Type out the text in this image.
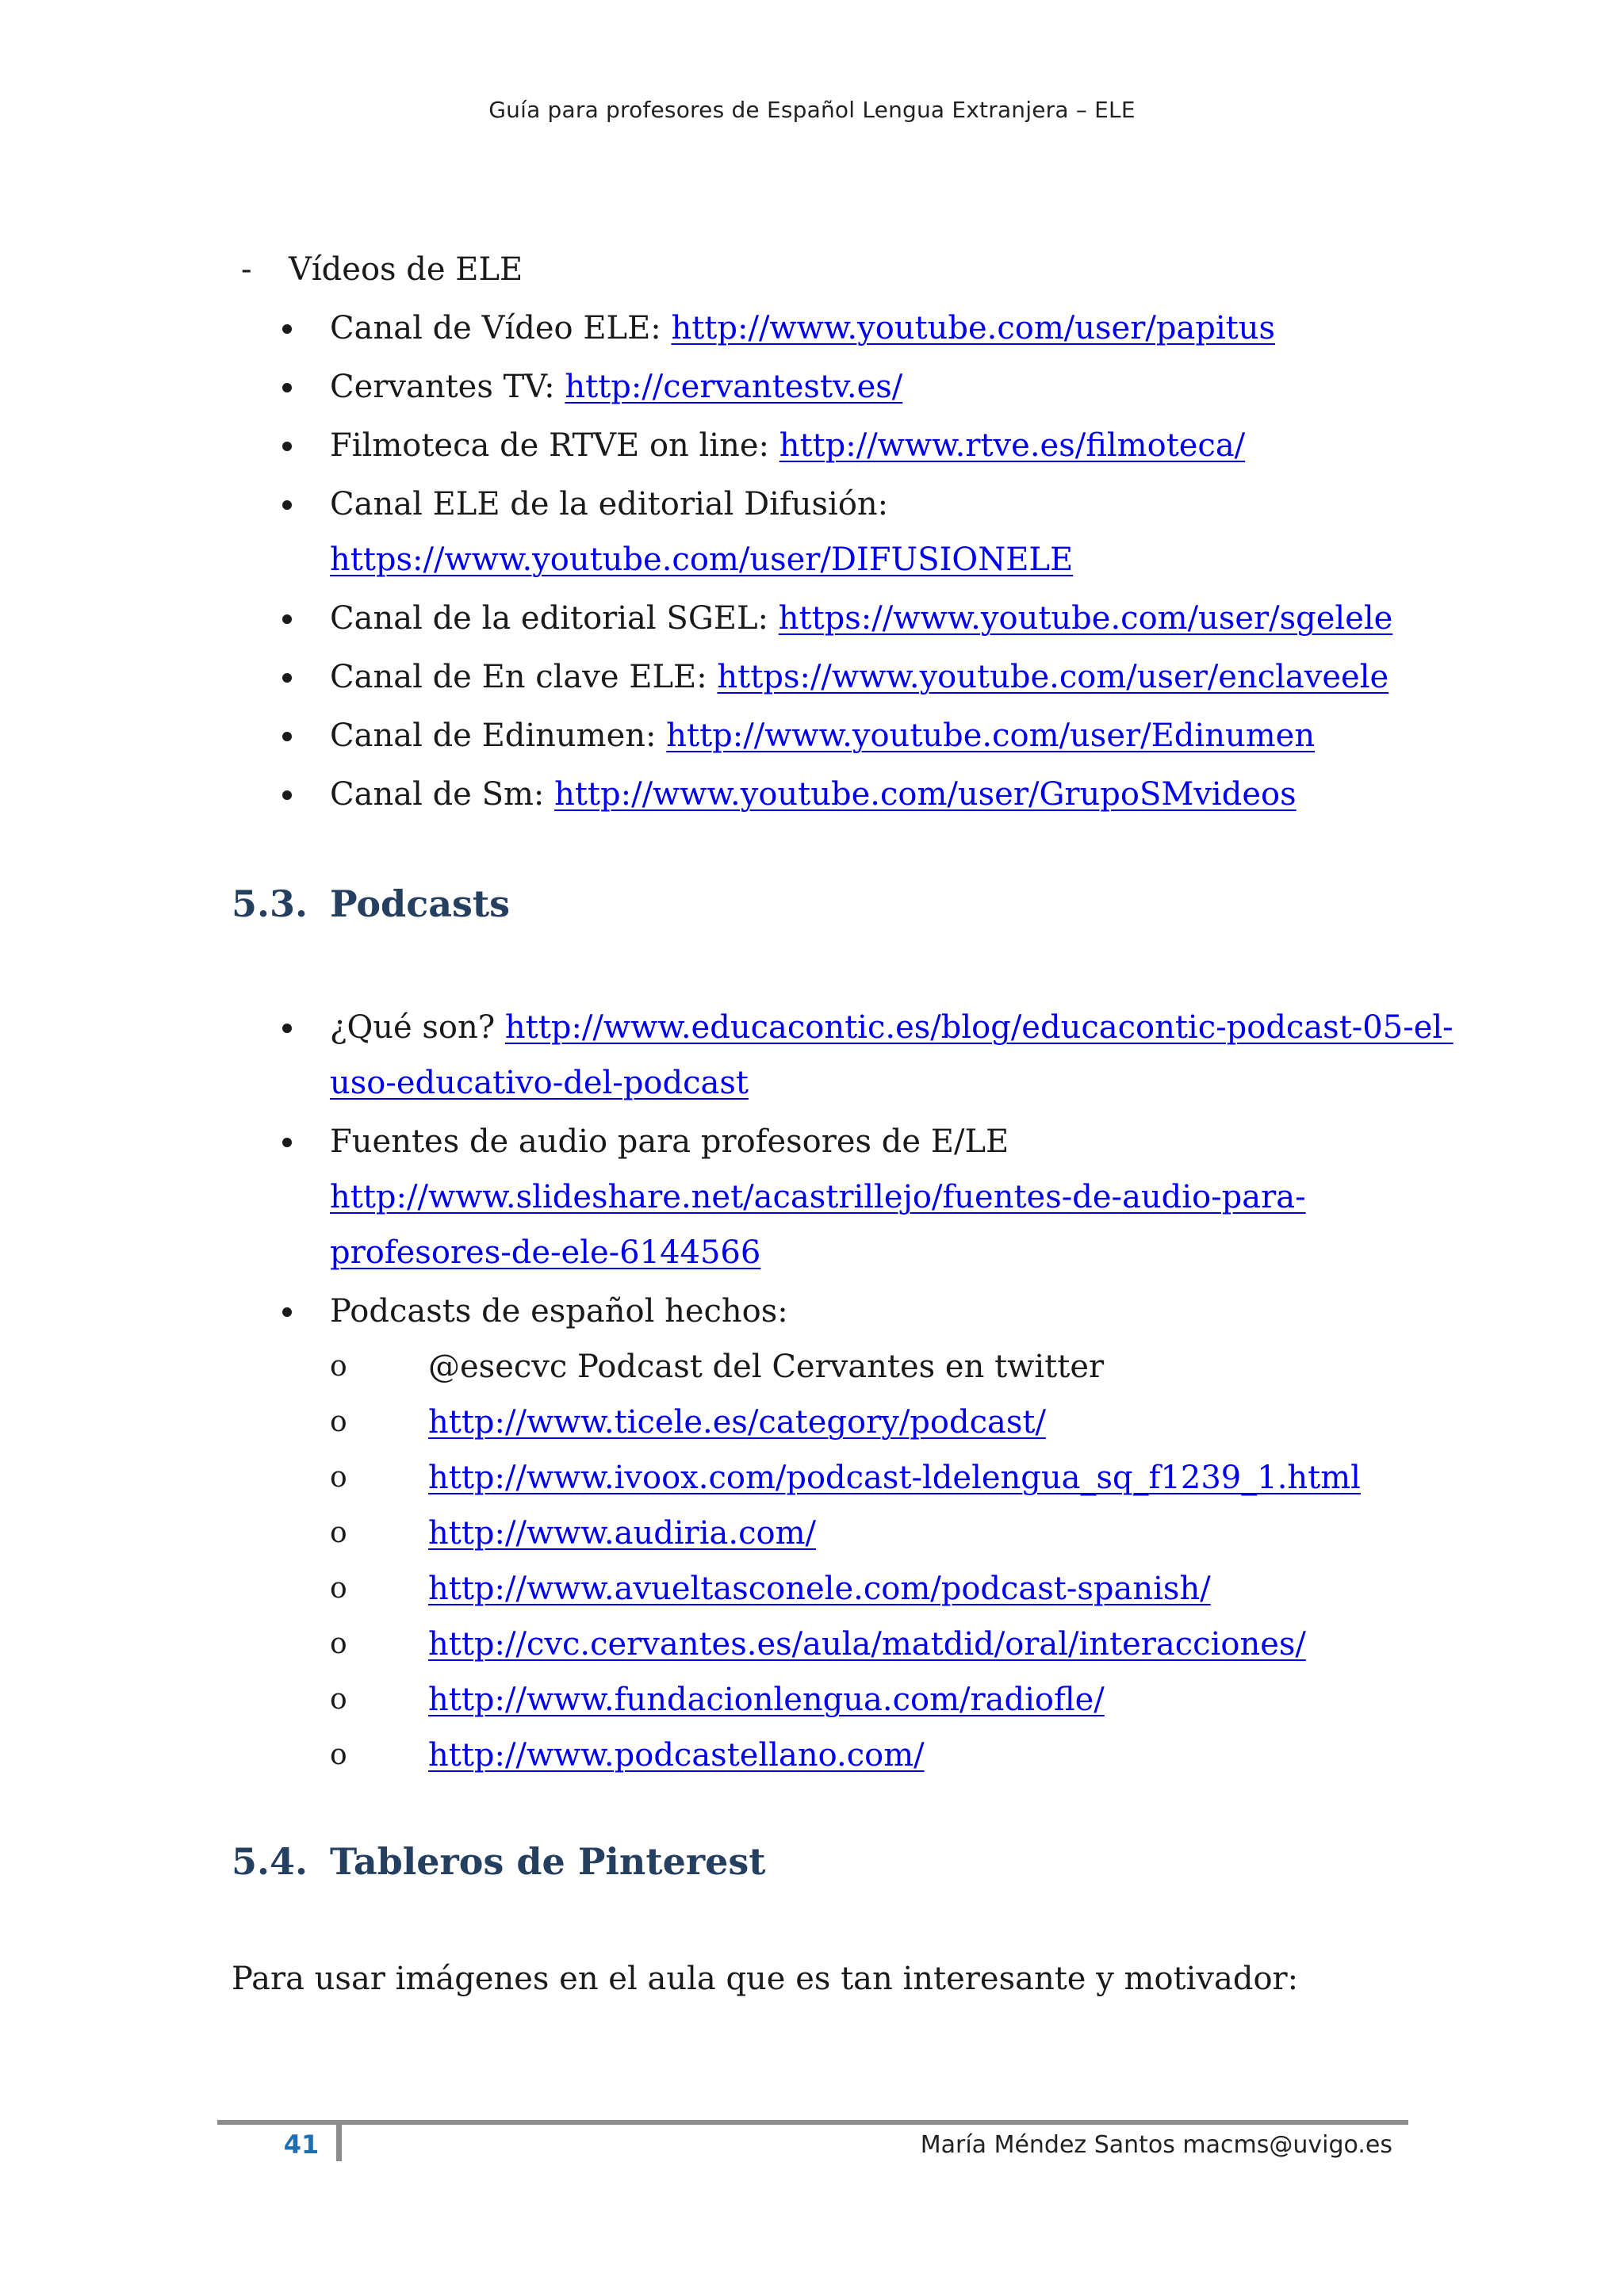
Guía para profesores de Español Lengua Extranjera – ELE
- Vídeos de ELE
Canal de Vídeo ELE: http://www.youtube.com/user/papitus
Cervantes TV: http://cervantestv.es/
Filmoteca de RTVE on line: http://www.rtve.es/filmoteca/
Canal ELE de la editorial Difusión:
https://www.youtube.com/user/DIFUSIONELE
Canal de la editorial SGEL: https://www.youtube.com/user/sgelele
Canal de En clave ELE: https://www.youtube.com/user/enclaveele
Canal de Edinumen: http://www.youtube.com/user/Edinumen
Canal de Sm: http://www.youtube.com/user/GrupoSMvideos
5.3. Podcasts
¿Qué son? http://www.educacontic.es/blog/educacontic-podcast-05-el-
uso-educativo-del-podcast
Fuentes de audio para profesores de E/LE
http://www.slideshare.net/acastrillejo/fuentes-de-audio-para-
profesores-de-ele-6144566
Podcasts de español hechos:
o	@esecvc Podcast del Cervantes en twitter
o	http://www.ticele.es/category/podcast/
o	http://www.ivoox.com/podcast-ldelengua_sq_f1239_1.html
o	http://www.audiria.com/
o	http://www.avueltasconele.com/podcast-spanish/
o	http://cvc.cervantes.es/aula/matdid/oral/interacciones/
o	http://www.fundacionlengua.com/radiofle/
o	http://www.podcastellano.com/
5.4. Tableros de Pinterest
Para usar imágenes en el aula que es tan interesante y motivador:
41	María Méndez Santos macms@uvigo.es
